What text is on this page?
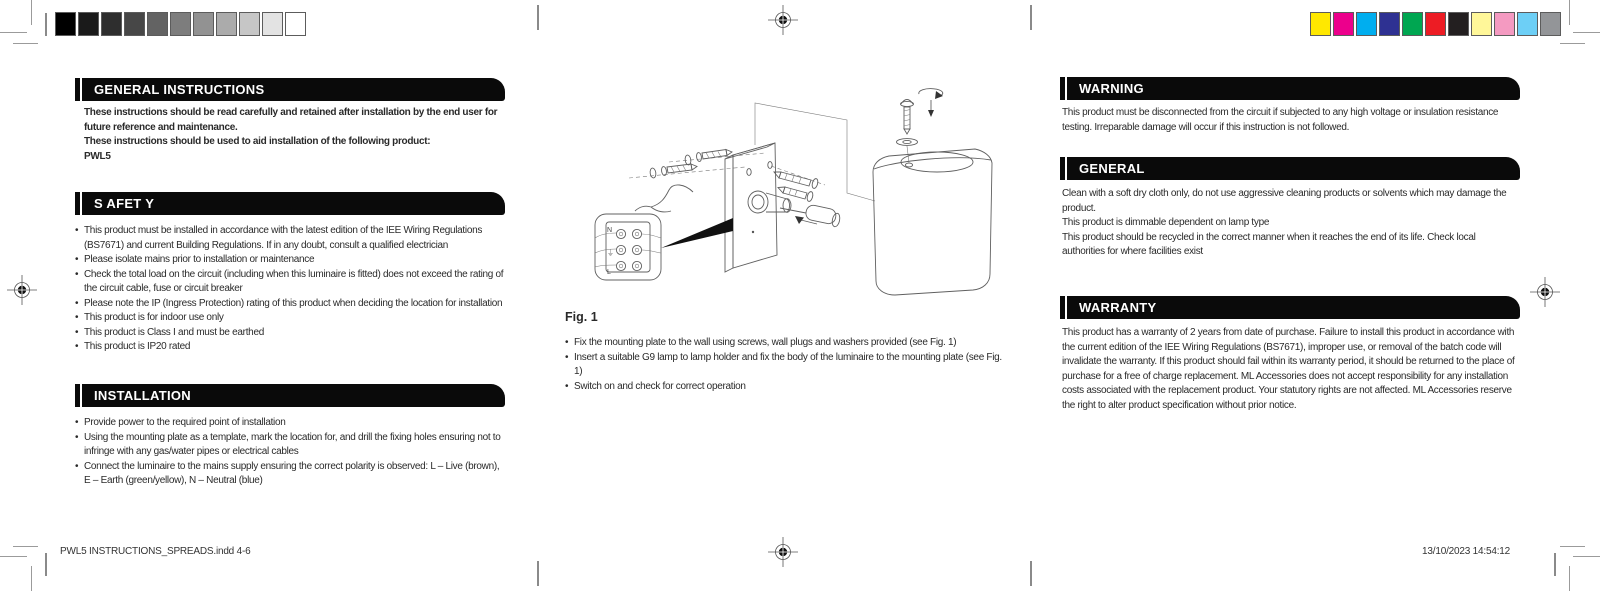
GENERAL INSTRUCTIONS

These instructions should be read carefully and retained after installation by the end user for future reference and maintenance.

These instructions should be used to aid installation of the following product:

PWL5

S AFET Y
• This product must be installed in accordance with the latest edition of the IEE Wiring Regulations (BS7671) and current Building Regulations. If in any doubt, consult a qualified electrician
• Please isolate mains prior to installation or maintenance
• Check the total load on the circuit (including when this luminaire is fitted) does not exceed the rating of the circuit cable, fuse or circuit breaker
• Please note the IP (Ingress Protection) rating of this product when deciding the location for installation
• This product is for indoor use only
• This product is Class I and must be earthed
• This product is IP20 rated
INSTALLATION
• Provide power to the required point of installation
• Using the mounting plate as a template, mark the location for, and drill the fixing holes ensuring not to infringe with any gas/water pipes or electrical cables
• Connect the luminaire to the mains supply ensuring the correct polarity is observed: L – Live (brown), E – Earth (green/yellow), N – Neutral (blue)
N
⏚
L
Fig. 1
• Fix the mounting plate to the wall using screws, wall plugs and washers provided (see Fig. 1)
• Insert a suitable G9 lamp to lamp holder and fix the body of the luminaire to the mounting plate (see Fig. 1)
• Switch on and check for correct operation
WARNING

This product must be disconnected from the circuit if subjected to any high voltage or insulation resistance testing. Irreparable damage will occur if this instruction is not followed.

GENERAL

Clean with a soft dry cloth only, do not use aggressive cleaning products or solvents which may damage the product.

This product is dimmable dependent on lamp type

This product should be recycled in the correct manner when it reaches the end of its life. Check local authorities for where facilities exist

WARRANTY

This product has a warranty of 2 years from date of purchase. Failure to install this product in accordance with the current edition of the IEE Wiring Regulations (BS7671), improper use, or removal of the batch code will invalidate the warranty. If this product should fail within its warranty period, it should be returned to the place of purchase for a free of charge replacement. ML Accessories does not accept responsibility for any installation costs associated with the replacement product. Your statutory rights are not affected. ML Accessories reserve the right to alter product specification without prior notice.

PWL5 INSTRUCTIONS_SPREADS.indd 4-6	13/10/2023 14:54:12
